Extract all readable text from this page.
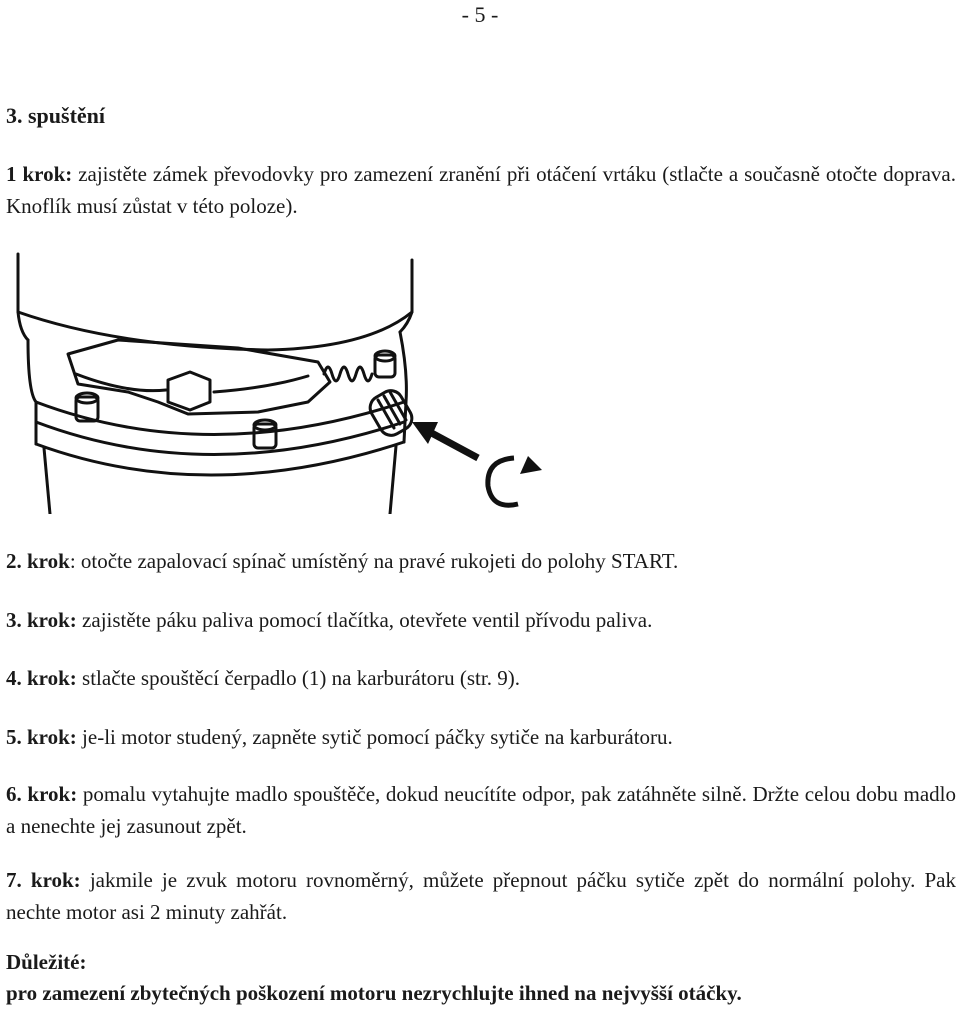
- 5 -
3. spuštění

1 krok: zajistěte zámek převodovky pro zamezení zranění při otáčení vrtáku (stlačte a současně otočte doprava. Knoflík musí zůstat v této poloze).

2. krok: otočte zapalovací spínač umístěný na pravé rukojeti do polohy START.

3. krok: zajistěte páku paliva pomocí tlačítka, otevřete ventil přívodu paliva.

4. krok: stlačte spouštěcí čerpadlo (1) na karburátoru (str. 9).

5. krok: je-li motor studený, zapněte sytič pomocí páčky sytiče na karburátoru.

6. krok: pomalu vytahujte madlo spouštěče, dokud neucítíte odpor, pak zatáhněte silně. Držte celou dobu madlo a nenechte jej zasunout zpět.

7. krok: jakmile je zvuk motoru rovnoměrný, můžete přepnout páčku sytiče zpět do normální polohy. Pak nechte motor asi 2 minuty zahřát.

Důležité:

pro zamezení zbytečných poškození motoru nezrychlujte ihned na nejvyšší otáčky.
